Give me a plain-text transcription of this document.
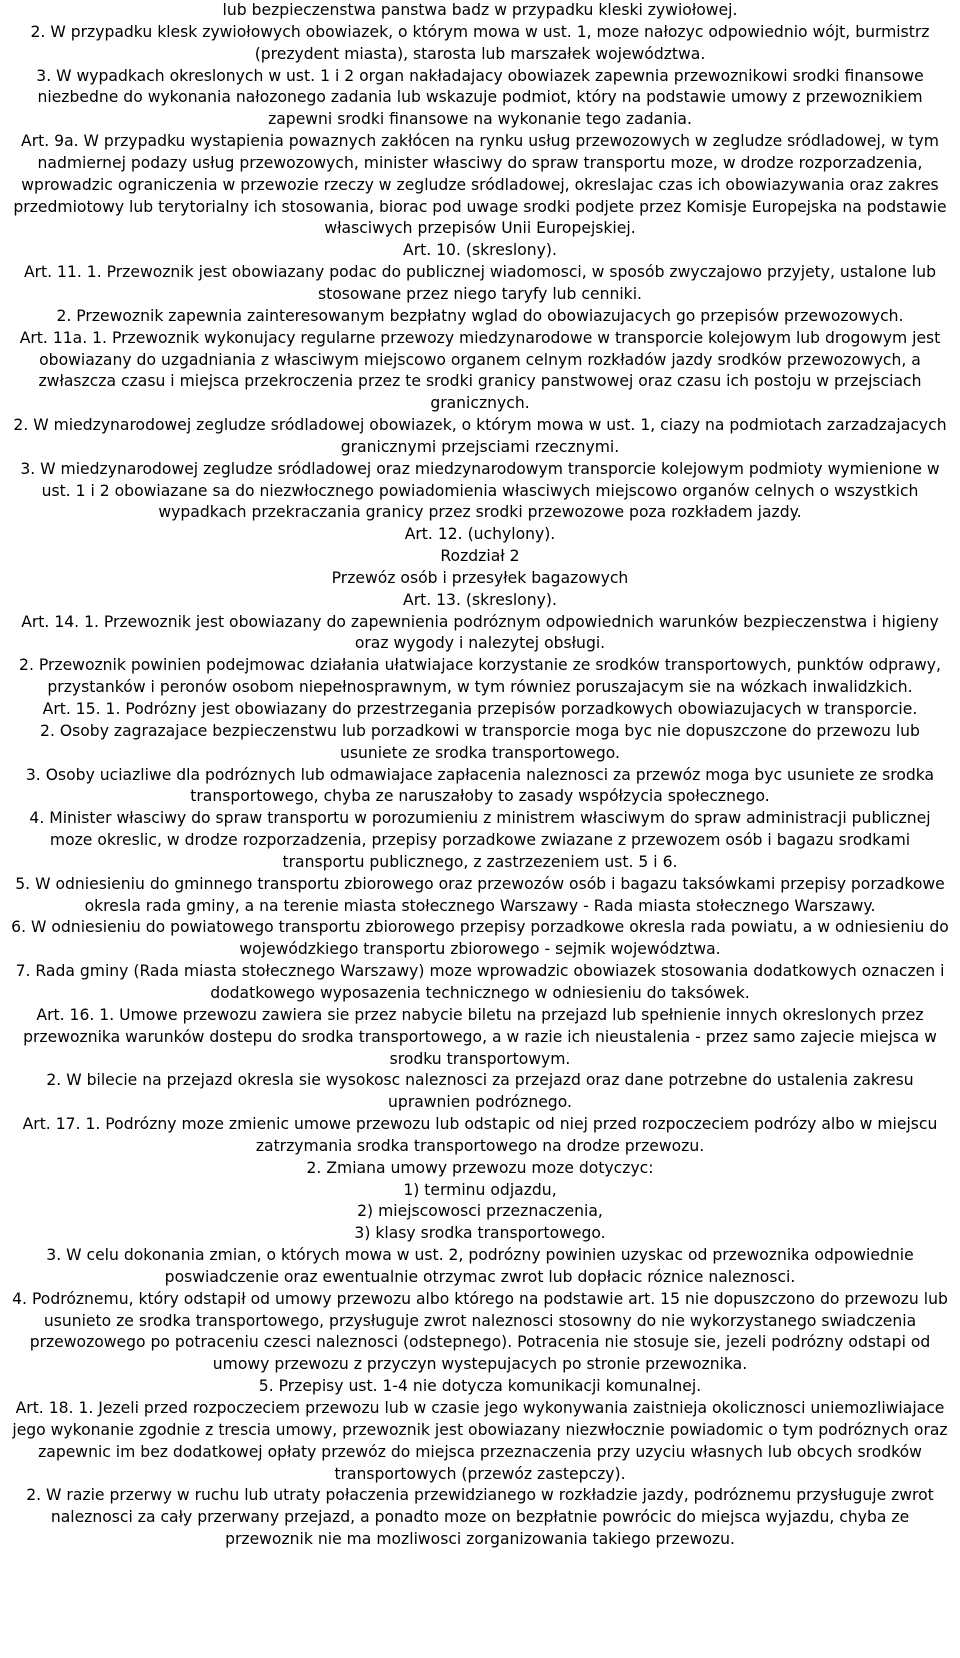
lub bezpieczenstwa panstwa badz w przypadku kleski zywiołowej.

2. W przypadku klesk zywiołowych obowiazek, o którym mowa w ust. 1, moze nałozyc odpowiednio wójt, burmistrz (prezydent miasta), starosta lub marszałek województwa.

3. W wypadkach okreslonych w ust. 1 i 2 organ nakładajacy obowiazek zapewnia przewoznikowi srodki finansowe niezbedne do wykonania nałozonego zadania lub wskazuje podmiot, który na podstawie umowy z przewoznikiem zapewni srodki finansowe na wykonanie tego zadania.

Art. 9a. W przypadku wystapienia powaznych zakłócen na rynku usług przewozowych w zegludze sródladowej, w tym nadmiernej podazy usług przewozowych, minister własciwy do spraw transportu moze, w drodze rozporzadzenia, wprowadzic ograniczenia w przewozie rzeczy w zegludze sródladowej, okreslajac czas ich obowiazywania oraz zakres przedmiotowy lub terytorialny ich stosowania, biorac pod uwage srodki podjete przez Komisje Europejska na podstawie własciwych przepisów Unii Europejskiej.

Art. 10. (skreslony).

Art. 11. 1. Przewoznik jest obowiazany podac do publicznej wiadomosci, w sposób zwyczajowo przyjety, ustalone lub stosowane przez niego taryfy lub cenniki.

2. Przewoznik zapewnia zainteresowanym bezpłatny wglad do obowiazujacych go przepisów przewozowych.

Art. 11a. 1. Przewoznik wykonujacy regularne przewozy miedzynarodowe w transporcie kolejowym lub drogowym jest obowiazany do uzgadniania z własciwym miejscowo organem celnym rozkładów jazdy srodków przewozowych, a zwłaszcza czasu i miejsca przekroczenia przez te srodki granicy panstwowej oraz czasu ich postoju w przejsciach granicznych.

2. W miedzynarodowej zegludze sródladowej obowiazek, o którym mowa w ust. 1, ciazy na podmiotach zarzadzajacych granicznymi przejsciami rzecznymi.

3. W miedzynarodowej zegludze sródladowej oraz miedzynarodowym transporcie kolejowym podmioty wymienione w ust. 1 i 2 obowiazane sa do niezwłocznego powiadomienia własciwych miejscowo organów celnych o wszystkich wypadkach przekraczania granicy przez srodki przewozowe poza rozkładem jazdy.

Art. 12. (uchylony).

Rozdział 2

Przewóz osób i przesyłek bagazowych

Art. 13. (skreslony).

Art. 14. 1. Przewoznik jest obowiazany do zapewnienia podróznym odpowiednich warunków bezpieczenstwa i higieny oraz wygody i nalezytej obsługi.

2. Przewoznik powinien podejmowac działania ułatwiajace korzystanie ze srodków transportowych, punktów odprawy, przystanków i peronów osobom niepełnosprawnym, w tym równiez poruszajacym sie na wózkach inwalidzkich.

Art. 15. 1. Podrózny jest obowiazany do przestrzegania przepisów porzadkowych obowiazujacych w transporcie.

2. Osoby zagrazajace bezpieczenstwu lub porzadkowi w transporcie moga byc nie dopuszczone do przewozu lub usuniete ze srodka transportowego.

3. Osoby uciazliwe dla podróznych lub odmawiajace zapłacenia naleznosci za przewóz moga byc usuniete ze srodka transportowego, chyba ze naruszałoby to zasady współzycia społecznego.

4. Minister własciwy do spraw transportu w porozumieniu z ministrem własciwym do spraw administracji publicznej moze okreslic, w drodze rozporzadzenia, przepisy porzadkowe zwiazane z przewozem osób i bagazu srodkami transportu publicznego, z zastrzezeniem ust. 5 i 6.

5. W odniesieniu do gminnego transportu zbiorowego oraz przewozów osób i bagazu taksówkami przepisy porzadkowe okresla rada gminy, a na terenie miasta stołecznego Warszawy - Rada miasta stołecznego Warszawy.

6. W odniesieniu do powiatowego transportu zbiorowego przepisy porzadkowe okresla rada powiatu, a w odniesieniu do wojewódzkiego transportu zbiorowego - sejmik województwa.

7. Rada gminy (Rada miasta stołecznego Warszawy) moze wprowadzic obowiazek stosowania dodatkowych oznaczen i dodatkowego wyposazenia technicznego w odniesieniu do taksówek.

Art. 16. 1. Umowe przewozu zawiera sie przez nabycie biletu na przejazd lub spełnienie innych okreslonych przez przewoznika warunków dostepu do srodka transportowego, a w razie ich nieustalenia - przez samo zajecie miejsca w srodku transportowym.

2. W bilecie na przejazd okresla sie wysokosc naleznosci za przejazd oraz dane potrzebne do ustalenia zakresu uprawnien podróznego.

Art. 17. 1. Podrózny moze zmienic umowe przewozu lub odstapic od niej przed rozpoczeciem podrózy albo w miejscu zatrzymania srodka transportowego na drodze przewozu.

2. Zmiana umowy przewozu moze dotyczyc:

1) terminu odjazdu,

2) miejscowosci przeznaczenia,

3) klasy srodka transportowego.

3. W celu dokonania zmian, o których mowa w ust. 2, podrózny powinien uzyskac od przewoznika odpowiednie poswiadczenie oraz ewentualnie otrzymac zwrot lub dopłacic róznice naleznosci.

4. Podróznemu, który odstapił od umowy przewozu albo którego na podstawie art. 15 nie dopuszczono do przewozu lub usunieto ze srodka transportowego, przysługuje zwrot naleznosci stosowny do nie wykorzystanego swiadczenia przewozowego po potraceniu czesci naleznosci (odstepnego). Potracenia nie stosuje sie, jezeli podrózny odstapi od umowy przewozu z przyczyn wystepujacych po stronie przewoznika.

5. Przepisy ust. 1-4 nie dotycza komunikacji komunalnej.

Art. 18. 1. Jezeli przed rozpoczeciem przewozu lub w czasie jego wykonywania zaistnieja okolicznosci uniemozliwiajace jego wykonanie zgodnie z trescia umowy, przewoznik jest obowiazany niezwłocznie powiadomic o tym podróznych oraz zapewnic im bez dodatkowej opłaty przewóz do miejsca przeznaczenia przy uzyciu własnych lub obcych srodków transportowych (przewóz zastepczy).

2. W razie przerwy w ruchu lub utraty połaczenia przewidzianego w rozkładzie jazdy, podróznemu przysługuje zwrot naleznosci za cały przerwany przejazd, a ponadto moze on bezpłatnie powrócic do miejsca wyjazdu, chyba ze przewoznik nie ma mozliwosci zorganizowania takiego przewozu.
